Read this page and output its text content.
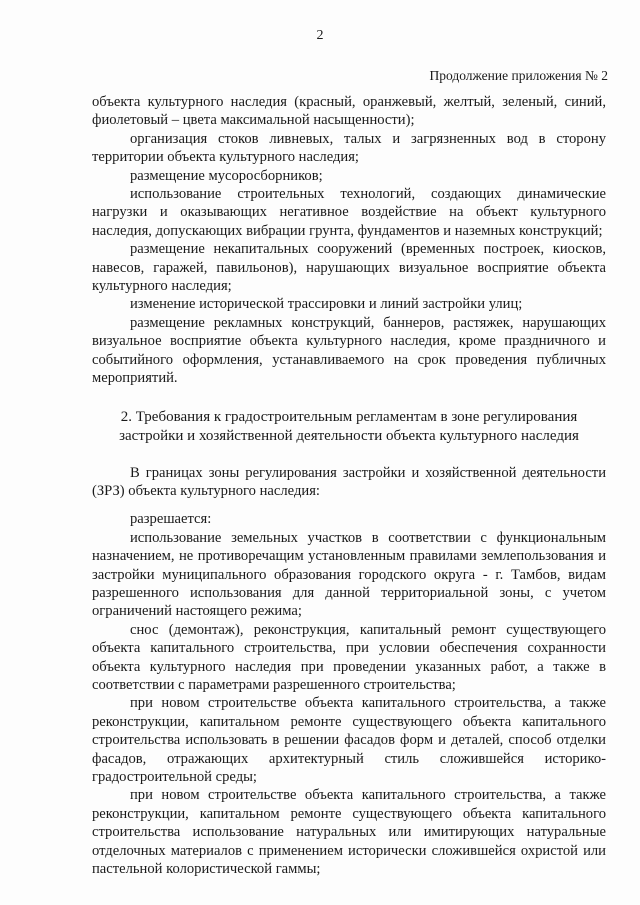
2
Продолжение приложения № 2

объекта культурного наследия (красный, оранжевый, желтый, зеленый, синий, фиолетовый – цвета максимальной насыщенности);

организация стоков ливневых, талых и загрязненных вод в сторону территории объекта культурного наследия;

размещение мусоросборников;

использование строительных технологий, создающих динамические нагрузки и оказывающих негативное воздействие на объект культурного наследия, допускающих вибрации грунта, фундаментов и наземных конструкций;

размещение некапитальных сооружений (временных построек, киосков, навесов, гаражей, павильонов), нарушающих визуальное восприятие объекта культурного наследия;

изменение исторической трассировки и линий застройки улиц;

размещение рекламных конструкций, баннеров, растяжек, нарушающих визуальное восприятие объекта культурного наследия, кроме праздничного и событийного оформления, устанавливаемого на срок проведения публичных мероприятий.

2. Требования к градостроительным регламентам в зоне регулирования застройки и хозяйственной деятельности объекта культурного наследия

В границах зоны регулирования застройки и хозяйственной деятельности (ЗРЗ) объекта культурного наследия:

разрешается:

использование земельных участков в соответствии с функциональным назначением, не противоречащим установленным правилами землепользования и застройки муниципального образования городского округа - г. Тамбов, видам разрешенного использования для данной территориальной зоны, с учетом ограничений настоящего режима;

снос (демонтаж), реконструкция, капитальный ремонт существующего объекта капитального строительства, при условии обеспечения сохранности объекта культурного наследия при проведении указанных работ, а также в соответствии с параметрами разрешенного строительства;

при новом строительстве объекта капитального строительства, а также реконструкции, капитальном ремонте существующего объекта капитального строительства использовать в решении фасадов форм и деталей, способ отделки фасадов, отражающих архитектурный стиль сложившейся историко-градостроительной среды;

при новом строительстве объекта капитального строительства, а также реконструкции, капитальном ремонте существующего объекта капитального строительства использование натуральных или имитирующих натуральные отделочных материалов с применением исторически сложившейся охристой или пастельной колористической гаммы;
